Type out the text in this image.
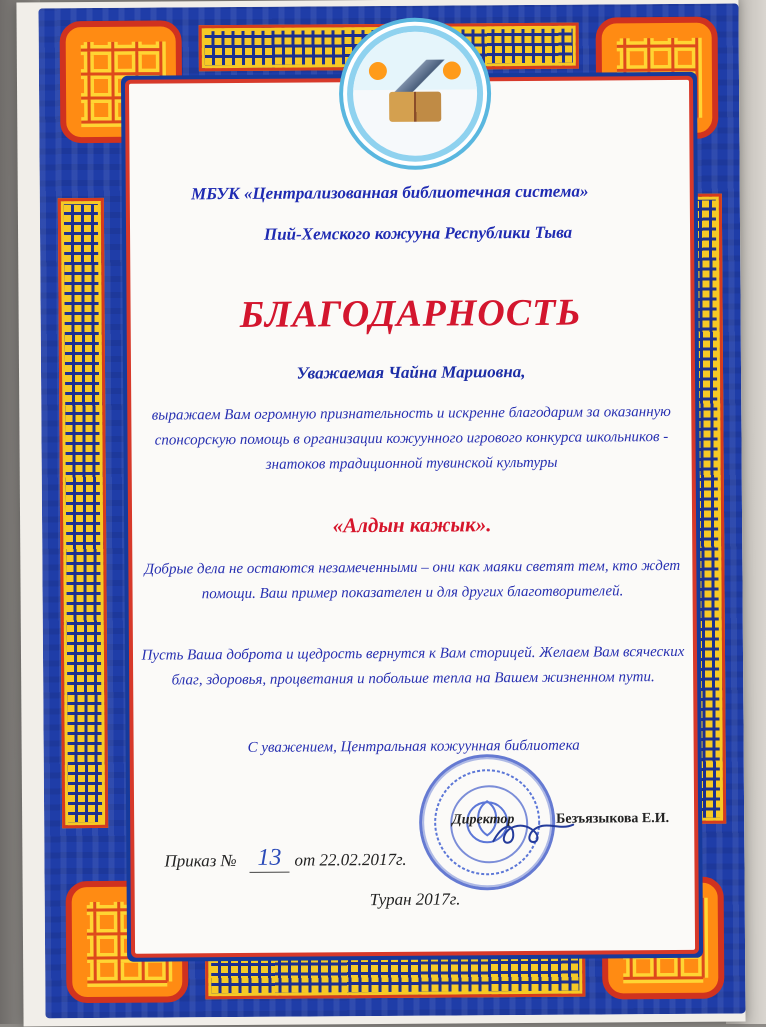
МБУК «Централизованная библиотечная система»
Пий-Хемского кожууна Республики Тыва
БЛАГОДАРНОСТЬ
Уважаемая Чайна Маршовна,
выражаем Вам огромную признательность и искренне благодарим за оказанную спонсорскую помощь в организации кожуунного игрового конкурса школьников - знатоков традиционной тувинской культуры
«Алдын кажык».
Добрые дела не остаются незамеченными – они как маяки светят тем, кто ждет помощи. Ваш пример показателен и для других благотворителей.
Пусть Ваша доброта и щедрость вернутся к Вам сторицей. Желаем Вам всяческих благ, здоровья, процветания и побольше тепла на Вашем жизненном пути.
С уважением, Центральная кожуунная библиотека
Директор	Безъязыкова Е.И.
Приказ № 13 от 22.02.2017г.
Туран 2017г.
